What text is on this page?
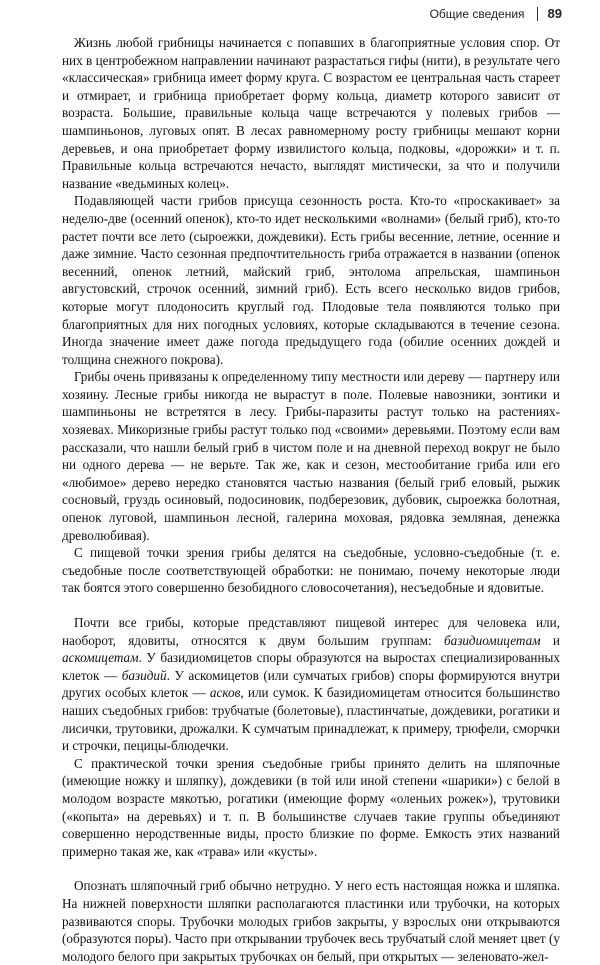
Общие сведения 89

Жизнь любой грибницы начинается с попавших в благоприятные условия спор. От них в центробежном направлении начинают разрастаться гифы (нити), в результате чего «классическая» грибница имеет форму круга. С возрастом ее центральная часть стареет и отмирает, и грибница приобретает форму кольца, диаметр которого зависит от возраста. Большие, правильные кольца чаще встречаются у полевых грибов — шампиньонов, луговых опят. В лесах равномерному росту грибницы мешают корни деревьев, и она приобретает форму извилистого кольца, подковы, «дорожки» и т. п. Правильные кольца встречаются нечасто, выглядят мистически, за что и получили название «ведьминых колец».

Подавляющей части грибов присуща сезонность роста. Кто-то «проскакивает» за неделю-две (осенний опенок), кто-то идет несколькими «волнами» (белый гриб), кто-то растет почти все лето (сыроежки, дождевики). Есть грибы весенние, летние, осенние и даже зимние. Часто сезонная предпочтительность гриба отражается в названии (опенок весенний, опенок летний, майский гриб, энтолома апрельская, шампиньон августовский, строчок осенний, зимний гриб). Есть всего несколько видов грибов, которые могут плодоносить круглый год. Плодовые тела появляются только при благоприятных для них погодных условиях, которые складываются в течение сезона. Иногда значение имеет даже погода предыдущего года (обилие осенних дождей и толщина снежного покрова).

Грибы очень привязаны к определенному типу местности или дереву — партнеру или хозяину. Лесные грибы никогда не вырастут в поле. Полевые навозники, зонтики и шампиньоны не встретятся в лесу. Грибы-паразиты растут только на растениях-хозяевах. Микоризные грибы растут только под «своими» деревьями. Поэтому если вам рассказали, что нашли белый гриб в чистом поле и на дневной переход вокруг не было ни одного дерева — не верьте. Так же, как и сезон, местообитание гриба или его «любимое» дерево нередко становятся частью названия (белый гриб еловый, рыжик сосновый, груздь осиновый, подосиновик, подберезовик, дубовик, сыроежка болотная, опенок луговой, шампиньон лесной, галерина моховая, рядовка земляная, денежка древолюбивая).

С пищевой точки зрения грибы делятся на съедобные, условно-съедобные (т. е. съедобные после соответствующей обработки: не понимаю, почему некоторые люди так боятся этого совершенно безобидного словосочетания), несъедобные и ядовитые.

Почти все грибы, которые представляют пищевой интерес для человека или, наоборот, ядовиты, относятся к двум большим группам: базидиомицетам и аскомицетам. У базидиомицетов споры образуются на выростах специализированных клеток — базидий. У аскомицетов (или сумчатых грибов) споры формируются внутри других особых клеток — асков, или сумок. К базидиомицетам относится большинство наших съедобных грибов: трубчатые (болетовые), пластинчатые, дождевики, рогатики и лисички, трутовики, дрожалки. К сумчатым принадлежат, к примеру, трюфели, сморчки и строчки, пецицы-блюдечки.

С практической точки зрения съедобные грибы принято делить на шляпочные (имеющие ножку и шляпку), дождевики (в той или иной степени «шарики») с белой в молодом возрасте мякотью, рогатики (имеющие форму «оленьих рожек»), трутовики («копыта» на деревьях) и т. п. В большинстве случаев такие группы объединяют совершенно неродственные виды, просто близкие по форме. Емкость этих названий примерно такая же, как «трава» или «кусты».

Опознать шляпочный гриб обычно нетрудно. У него есть настоящая ножка и шляпка. На нижней поверхности шляпки располагаются пластинки или трубочки, на которых развиваются споры. Трубочки молодых грибов закрыты, у взрослых они открываются (образуются поры). Часто при открывании трубочек весь трубчатый слой меняет цвет (у молодого белого при закрытых трубочках он белый, при открытых — зеленовато-жел-
